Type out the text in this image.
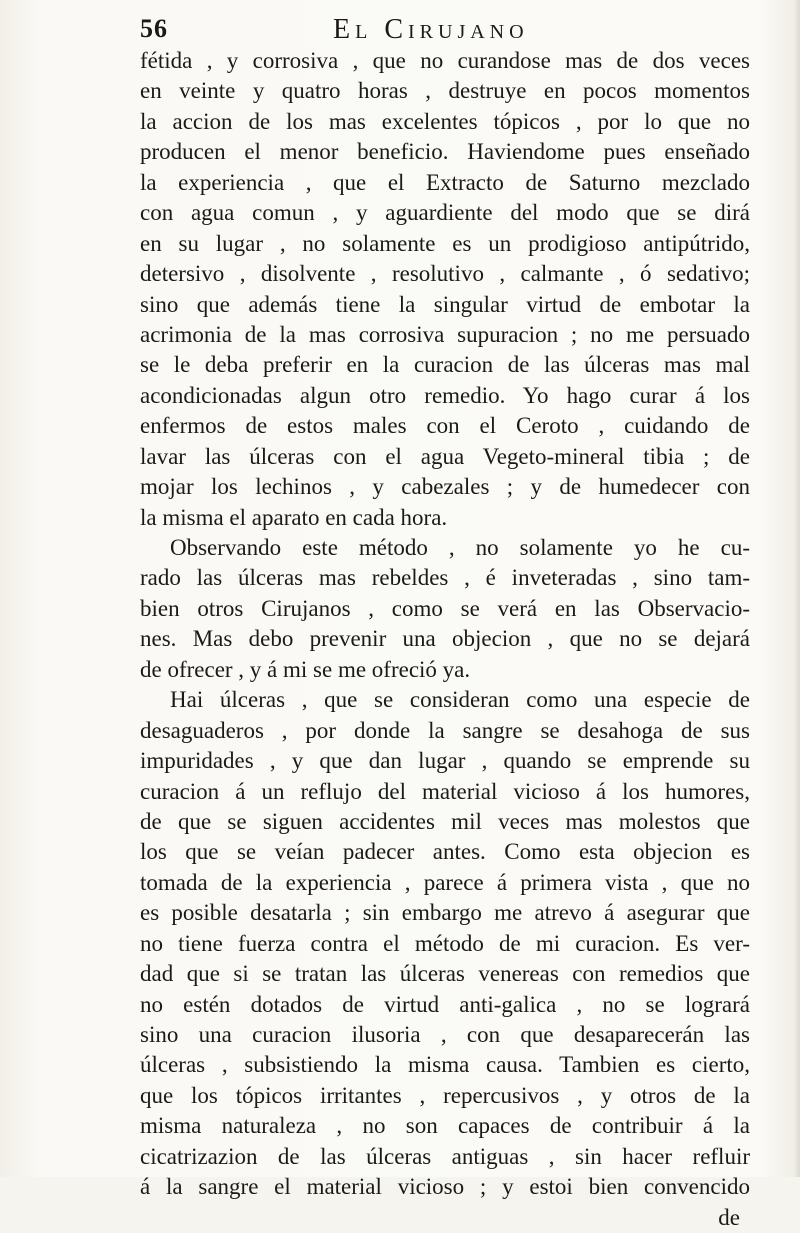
56	El Cirujano
fétida , y corrosiva , que no curandose mas de dos veces
en veinte y quatro horas , destruye en pocos momentos
la accion de los mas excelentes tópicos , por lo que no
producen el menor beneficio. Haviendome pues enseñado
la experiencia , que el Extracto de Saturno mezclado
con agua comun , y aguardiente del modo que se dirá
en su lugar , no solamente es un prodigioso antipútrido,
detersivo , disolvente , resolutivo , calmante , ó sedativo;
sino que además tiene la singular virtud de embotar la
acrimonia de la mas corrosiva supuracion ; no me persuado
se le deba preferir en la curacion de las úlceras mas mal
acondicionadas algun otro remedio. Yo hago curar á los
enfermos de estos males con el Ceroto , cuidando de
lavar las úlceras con el agua Vegeto-mineral tibia ; de
mojar los lechinos , y cabezales ; y de humedecer con
la misma el aparato en cada hora.
Observando este método , no solamente yo he cu-
rado las úlceras mas rebeldes , é inveteradas , sino tam-
bien otros Cirujanos , como se verá en las Observacio-
nes. Mas debo prevenir una objecion , que no se dejará
de ofrecer , y á mi se me ofreció ya.
Hai úlceras , que se consideran como una especie de
desaguaderos , por donde la sangre se desahoga de sus
impuridades , y que dan lugar , quando se emprende su
curacion á un reflujo del material vicioso á los humores,
de que se siguen accidentes mil veces mas molestos que
los que se veían padecer antes. Como esta objecion es
tomada de la experiencia , parece á primera vista , que no
es posible desatarla ; sin embargo me atrevo á asegurar que
no tiene fuerza contra el método de mi curacion. Es ver-
dad que si se tratan las úlceras venereas con remedios que
no estén dotados de virtud anti-galica , no se logrará
sino una curacion ilusoria , con que desaparecerán las
úlceras , subsistiendo la misma causa. Tambien es cierto,
que los tópicos irritantes , repercusivos , y otros de la
misma naturaleza , no son capaces de contribuir á la
cicatrizazion de las úlceras antiguas , sin hacer refluir
á la sangre el material vicioso ; y estoi bien convencido
de
